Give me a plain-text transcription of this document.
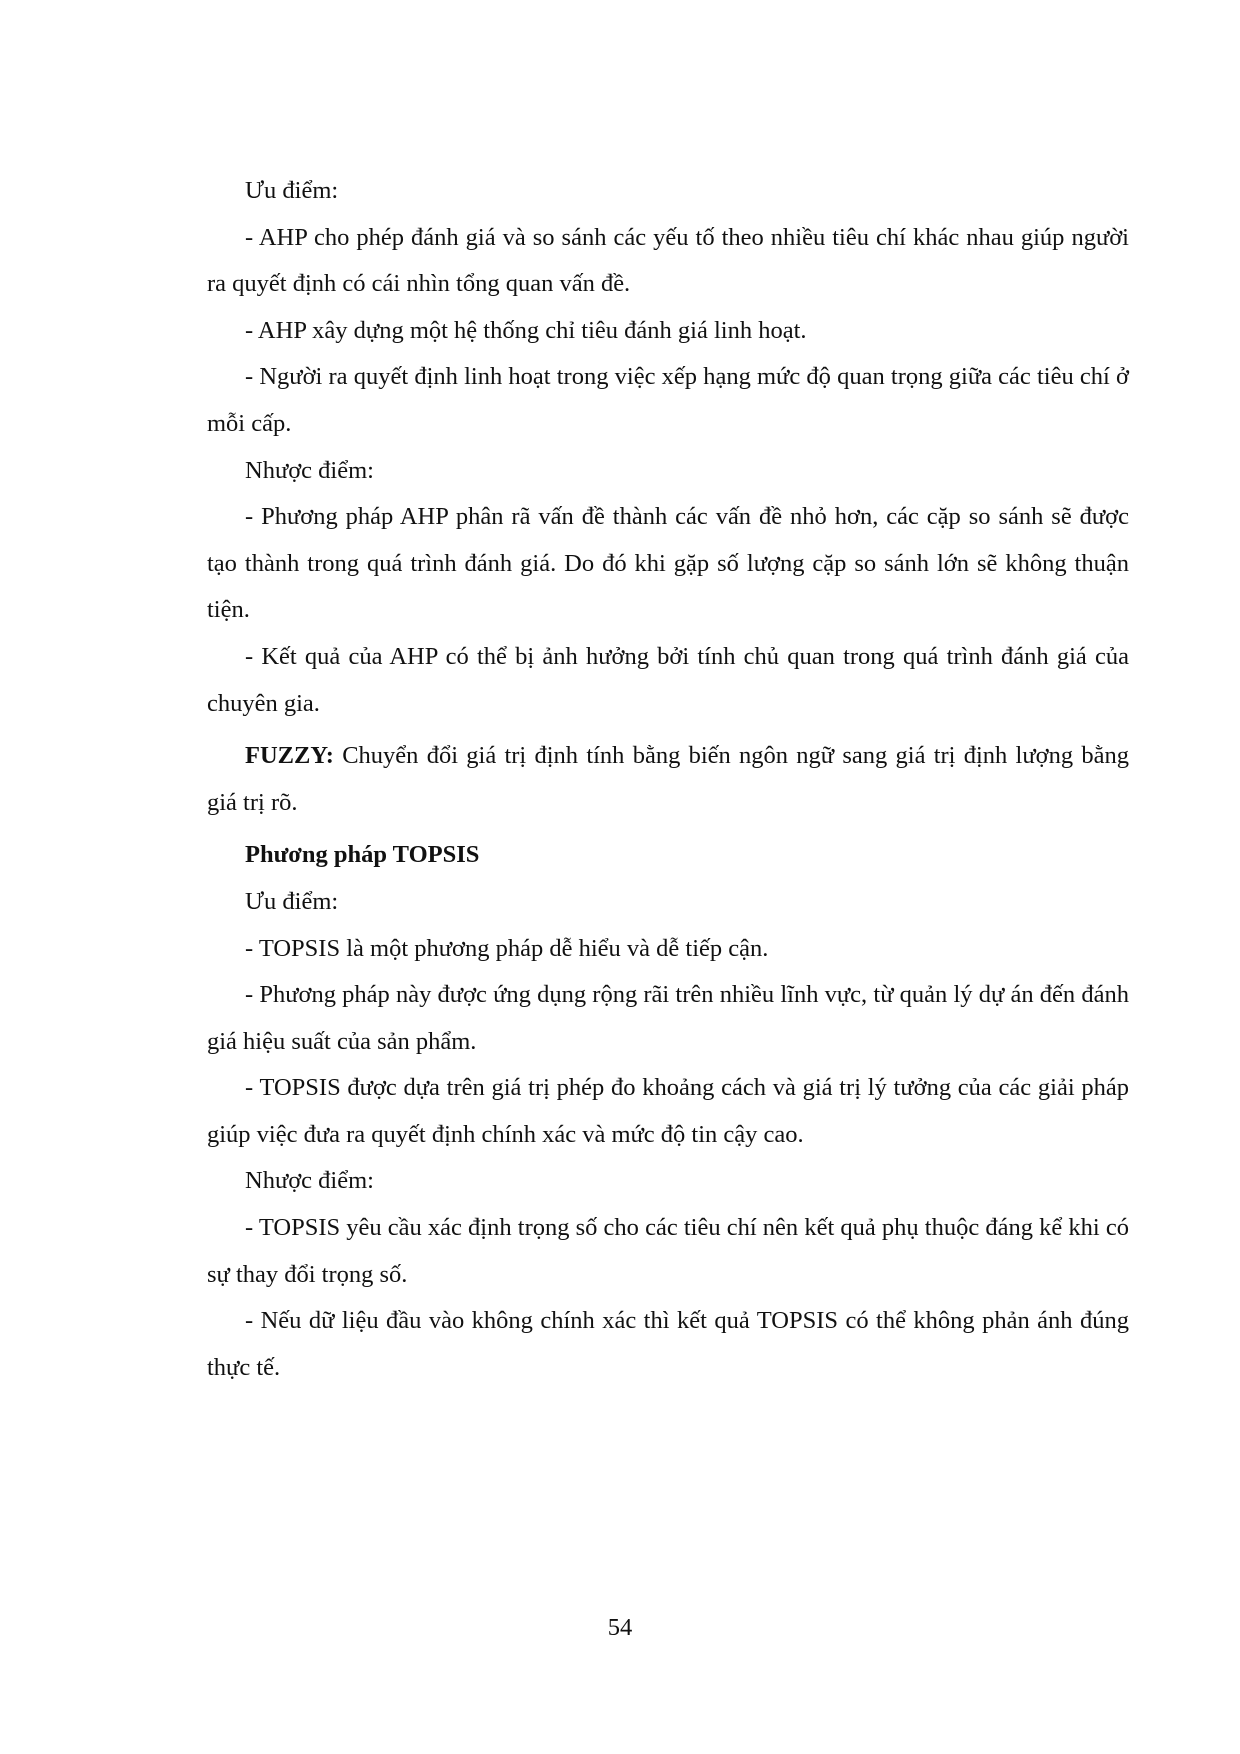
Ưu điểm:

- AHP cho phép đánh giá và so sánh các yếu tố theo nhiều tiêu chí khác nhau giúp người ra quyết định có cái nhìn tổng quan vấn đề.

- AHP xây dựng một hệ thống chỉ tiêu đánh giá linh hoạt.

- Người ra quyết định linh hoạt trong việc xếp hạng mức độ quan trọng giữa các tiêu chí ở mỗi cấp.

Nhược điểm:

- Phương pháp AHP phân rã vấn đề thành các vấn đề nhỏ hơn, các cặp so sánh sẽ được tạo thành trong quá trình đánh giá. Do đó khi gặp số lượng cặp so sánh lớn sẽ không thuận tiện.

- Kết quả của AHP có thể bị ảnh hưởng bởi tính chủ quan trong quá trình đánh giá của chuyên gia.

FUZZY: Chuyển đổi giá trị định tính bằng biến ngôn ngữ sang giá trị định lượng bằng giá trị rõ.

Phương pháp TOPSIS

Ưu điểm:

- TOPSIS là một phương pháp dễ hiểu và dễ tiếp cận.

- Phương pháp này được ứng dụng rộng rãi trên nhiều lĩnh vực, từ quản lý dự án đến đánh giá hiệu suất của sản phẩm.

- TOPSIS được dựa trên giá trị phép đo khoảng cách và giá trị lý tưởng của các giải pháp giúp việc đưa ra quyết định chính xác và mức độ tin cậy cao.

Nhược điểm:

- TOPSIS yêu cầu xác định trọng số cho các tiêu chí nên kết quả phụ thuộc đáng kể khi có sự thay đổi trọng số.

- Nếu dữ liệu đầu vào không chính xác thì kết quả TOPSIS có thể không phản ánh đúng thực tế.

54
